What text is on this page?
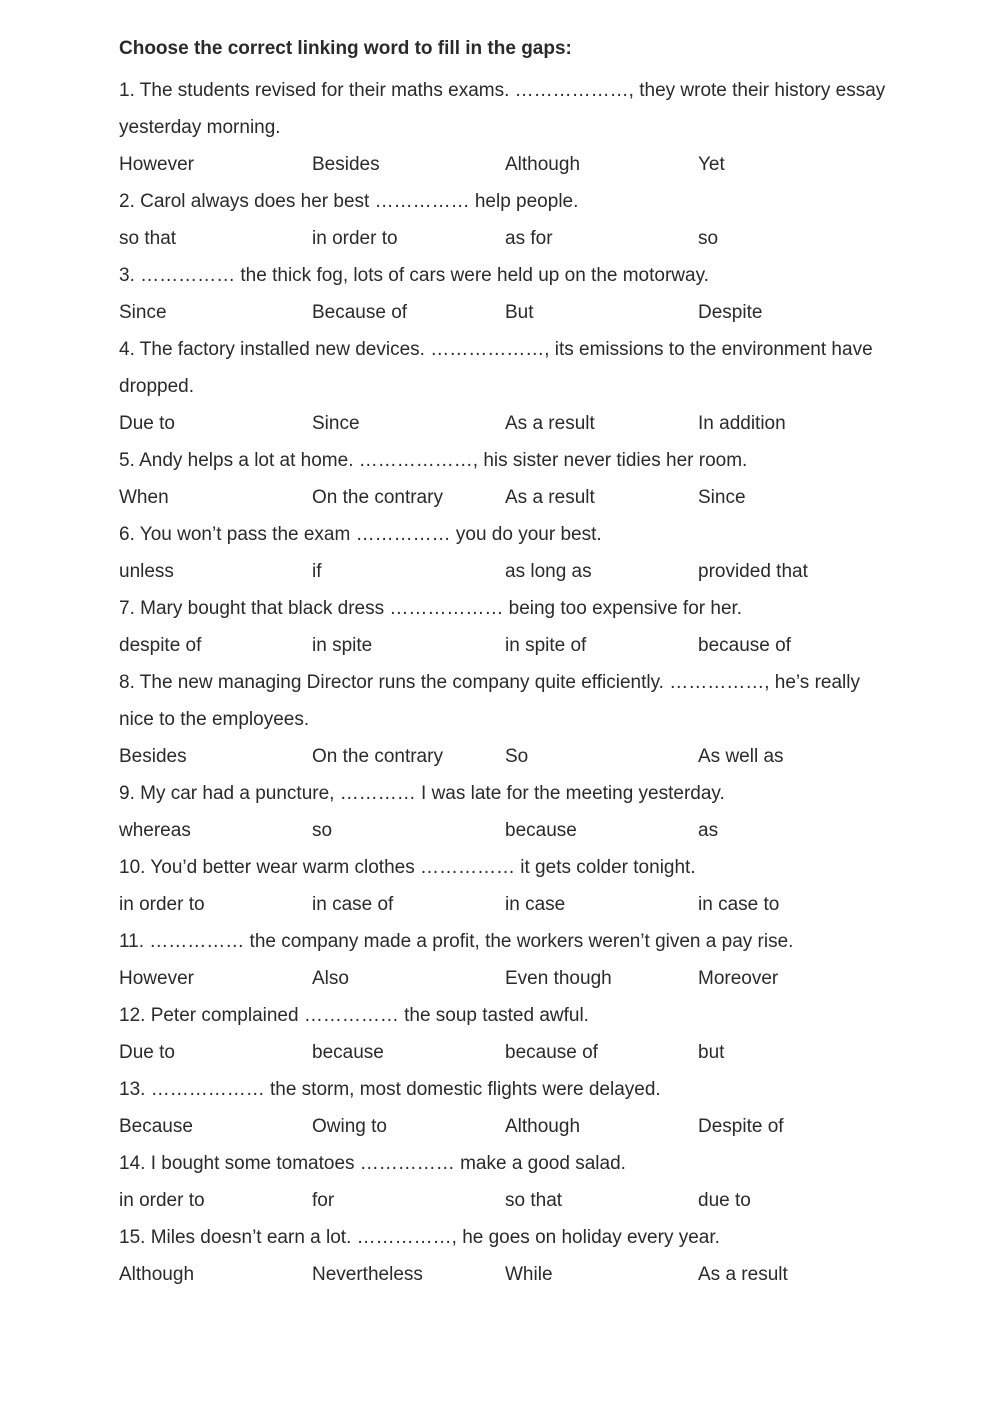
Choose the correct linking word to fill in the gaps:
1. The students revised for their maths exams. ………………, they wrote their history essay yesterday morning.
However	Besides	Although	Yet
2. Carol always does her best …………… help people.
so that	in order to	as for	so
3. …………… the thick fog, lots of cars were held up on the motorway.
Since	Because of	But	Despite
4. The factory installed new devices. ………………, its emissions to the environment have dropped.
Due to	Since	As a result	In addition
5. Andy helps a lot at home. ………………, his sister never tidies her room.
When	On the contrary	As a result	Since
6. You won’t pass the exam …………… you do your best.
unless	if	as long as	provided that
7. Mary bought that black dress ……………… being too expensive for her.
despite of	in spite	in spite of	because of
8. The new managing Director runs the company quite efficiently. ……………, he’s really nice to the employees.
Besides	On the contrary	So	As well as
9. My car had a puncture, ………… I was late for the meeting yesterday.
whereas	so	because	as
10. You’d better wear warm clothes …………… it gets colder tonight.
in order to	in case of	in case	in case to
11. …………… the company made a profit, the workers weren’t given a pay rise.
However	Also	Even though	Moreover
12. Peter complained …………… the soup tasted awful.
Due to	because	because of	but
13. ……………… the storm, most domestic flights were delayed.
Because	Owing to	Although	Despite of
14. I bought some tomatoes …………… make a good salad.
in order to	for	so that	due to
15. Miles doesn’t earn a lot. ……………, he goes on holiday every year.
Although	Nevertheless	While	As a result
